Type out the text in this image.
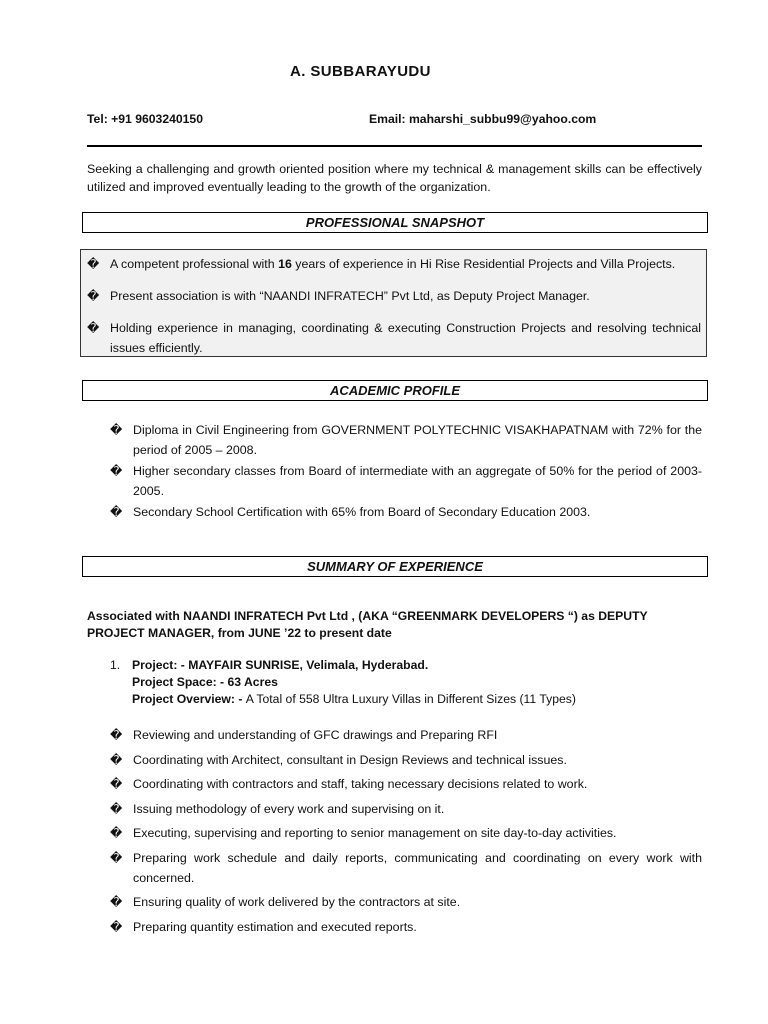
A. SUBBARAYUDU
Tel: +91 9603240150	Email: maharshi_subbu99@yahoo.com
Seeking a challenging and growth oriented position where my technical & management skills can be effectively utilized and improved eventually leading to the growth of the organization.
PROFESSIONAL SNAPSHOT
� A competent professional with 16 years of experience in Hi Rise Residential Projects and Villa Projects.
� Present association is with “NAANDI INFRATECH” Pvt Ltd, as Deputy Project Manager.
� Holding experience in managing, coordinating & executing Construction Projects and resolving technical issues efficiently.
ACADEMIC PROFILE
� Diploma in Civil Engineering from GOVERNMENT POLYTECHNIC VISAKHAPATNAM with 72% for the period of 2005 – 2008.
� Higher secondary classes from Board of intermediate with an aggregate of 50% for the period of 2003-2005.
� Secondary School Certification with 65% from Board of Secondary Education 2003.
SUMMARY OF EXPERIENCE
Associated with NAANDI INFRATECH Pvt Ltd , (AKA “GREENMARK DEVELOPERS “) as DEPUTY PROJECT MANAGER, from JUNE ’22 to present date
1. Project: - MAYFAIR SUNRISE, Velimala, Hyderabad.
Project Space: - 63 Acres
Project Overview: - A Total of 558 Ultra Luxury Villas in Different Sizes (11 Types)
� Reviewing and understanding of GFC drawings and Preparing RFI
� Coordinating with Architect, consultant in Design Reviews and technical issues.
� Coordinating with contractors and staff, taking necessary decisions related to work.
� Issuing methodology of every work and supervising on it.
� Executing, supervising and reporting to senior management on site day-to-day activities.
� Preparing work schedule and daily reports, communicating and coordinating on every work with concerned.
� Ensuring quality of work delivered by the contractors at site.
� Preparing quantity estimation and executed reports.
